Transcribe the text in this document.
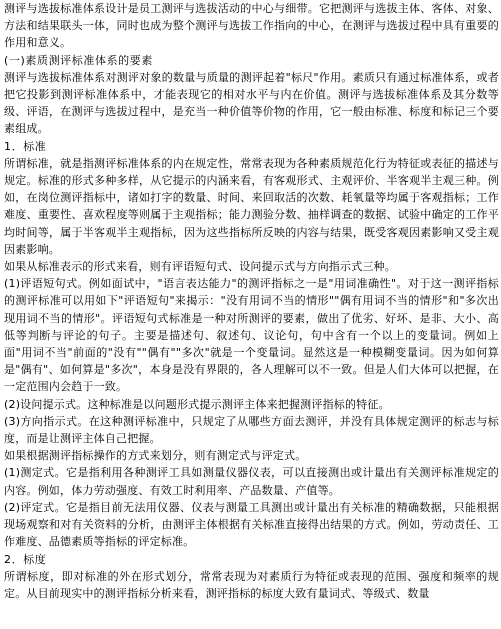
测评与选拔标准体系设计是员工测评与选拔活动的中心与细带。它把测评与选拔主体、客体、对象、方法和结果联头一体，同时也成为整个测评与选拔工作指向的中心，在测评与选拔过程中具有重要的作用和意义。

(一)素质测评标准体系的要素

测评与选拔标准体系对测评对象的数量与质量的测评起着"标尺"作用。素质只有通过标准体系，或者把它投影到测评标准体系中，才能表现它的相对水平与内在价值。测评与选拔标准体系及其分数等级、评语，在测评与选拔过程中，是充当一种价值等价物的作用，它一般由标准、标度和标记三个要素组成。

1．标准

所谓标准，就是指测评标准体系的内在规定性，常常表现为各种素质规范化行为特征或表征的描述与规定。标准的形式多种多样，从它提示的内涵来看，有客观形式、主观评价、半客观半主观三种。例如，在岗位测评指标中，诸如打字的数量、时间、来回取活的次数、耗氧量等均属于客观指标；工作难度、重要性、喜欢程度等则属于主观指标；能力测验分数、抽样调查的数据、试验中确定的工作平均时间等，属于半客观半主观指标，因为这些指标所反映的内容与结果，既受客观因素影响又受主观因素影响。

如果从标准表示的形式来看，则有评语短句式、设问提示式与方向指示式三种。

(1)评语短句式。例如面试中，"语言表达能力"的测评指标之一是"用词准确性"。对于这一测评指标的测评标准可以用如下"评语短句"来揭示："没有用词不当的情形""偶有用词不当的情形"和"多次出现用词不当的情形"。评语短句式标准是一种对所测评的要素，做出了优劣、好坏、是非、大小、高低等判断与评论的句子。主要是描述句、叙述句、议论句，句中含有一个以上的变量词。例如上面"用词不当"前面的"没有""偶有""多次"就是一个变量词。显然这是一种模糊变量词。因为如何算是"偶有"、如何算是"多次"，本身是没有界限的，各人理解可以不一致。但是人们大体可以把握，在一定范围内会趋于一致。

(2)设问提示式。这种标准是以问题形式提示测评主体来把握测评指标的特征。

(3)方向指示式。在这种测评标准中，只规定了从哪些方面去测评，并没有具体规定测评的标志与标度，而是让测评主体自己把握。

如果根据测评指标操作的方式来划分，则有测定式与评定式。

(1)测定式。它是指利用各种测评工具如测量仪器仪表，可以直接测出或计量出有关测评标准规定的内容。例如，体力劳动强度、有效工时利用率、产品数量、产值等。

(2)评定式。它是指目前无法用仪器、仪表与测量工具测出或计量出有关标准的精确数据，只能根据现场观察和对有关资料的分析，由测评主体根据有关标准直接得出结果的方式。例如，劳动责任、工作难度、品德素质等指标的评定标准。

2．标度

所谓标度，即对标准的外在形式划分，常常表现为对素质行为特征或表现的范围、强度和频率的规定。从目前现实中的测评指标分析来看，测评指标的标度大致有量词式、等级式、数量
